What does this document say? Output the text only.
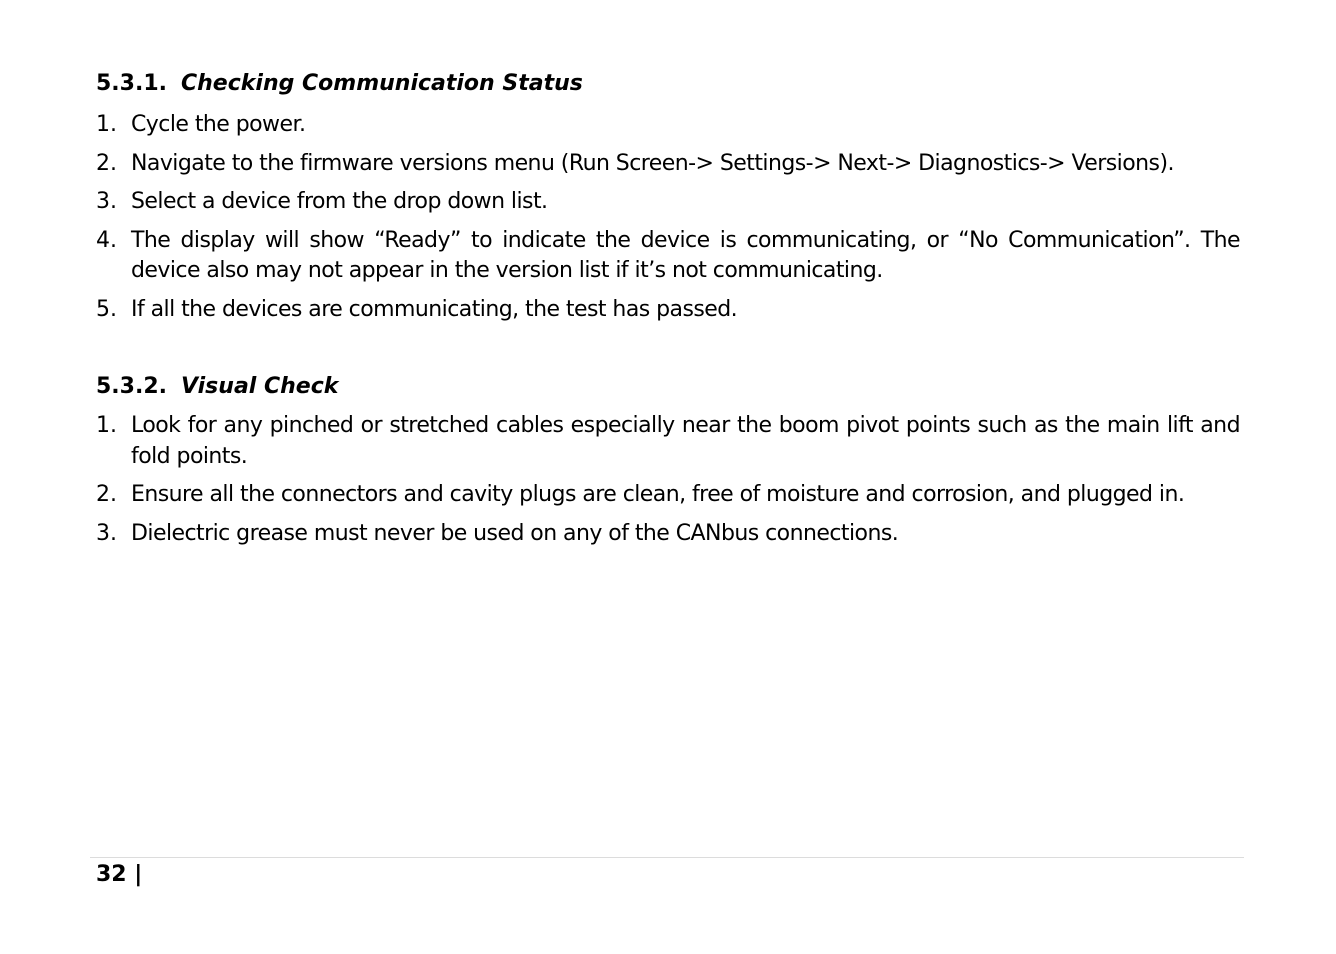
5.3.1. Checking Communication Status
1. Cycle the power.
2. Navigate to the firmware versions menu (Run Screen-> Settings-> Next-> Diagnostics-> Versions).
3. Select a device from the drop down list.
4. The display will show “Ready” to indicate the device is communicating, or “No Communication”. The device also may not appear in the version list if it’s not communicating.
5. If all the devices are communicating, the test has passed.
5.3.2. Visual Check
1. Look for any pinched or stretched cables especially near the boom pivot points such as the main lift and fold points.
2. Ensure all the connectors and cavity plugs are clean, free of moisture and corrosion, and plugged in.
3. Dielectric grease must never be used on any of the CANbus connections.
32 |
